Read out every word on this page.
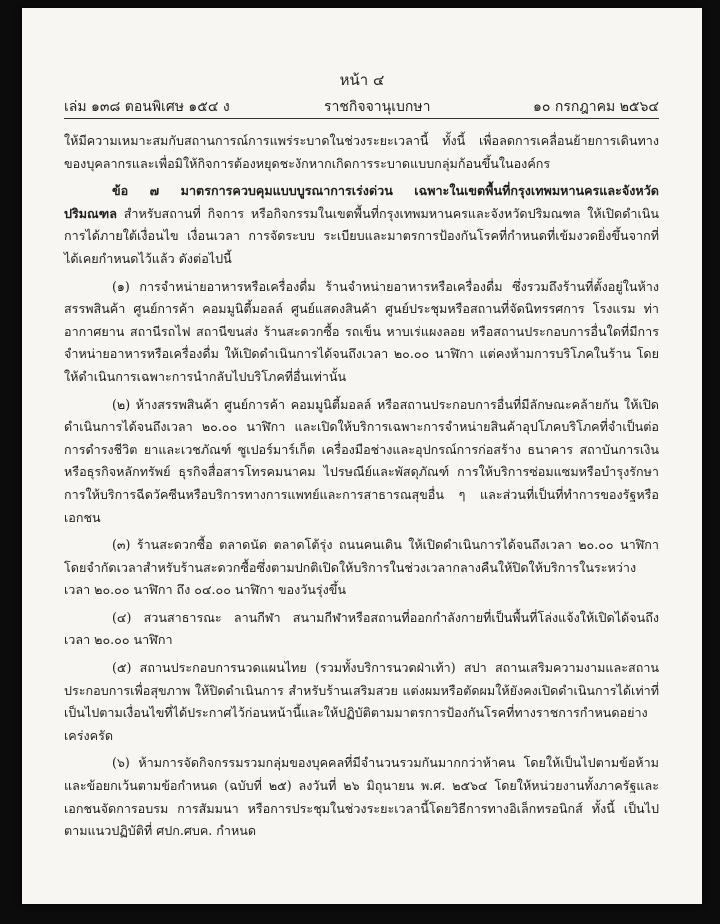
หน้า ๔
เล่ม ๑๓๘ ตอนพิเศษ ๑๕๔ ง	ราชกิจจานุเบกษา	๑๐ กรกฎาคม ๒๕๖๔

ให้มีความเหมาะสมกับสถานการณ์การแพร่ระบาดในช่วงระยะเวลานี้ ทั้งนี้ เพื่อลดการเคลื่อนย้ายการเดินทางของบุคลากรและเพื่อมิให้กิจการต้องหยุดชะงักหากเกิดการระบาดแบบกลุ่มก้อนขึ้นในองค์กร

ข้อ ๗ มาตรการควบคุมแบบบูรณาการเร่งด่วน เฉพาะในเขตพื้นที่กรุงเทพมหานครและจังหวัดปริมณฑล สำหรับสถานที่ กิจการ หรือกิจกรรมในเขตพื้นที่กรุงเทพมหานครและจังหวัดปริมณฑล ให้เปิดดำเนินการได้ภายใต้เงื่อนไข เงื่อนเวลา การจัดระบบ ระเบียบและมาตรการป้องกันโรคที่กำหนดที่เข้มงวดยิ่งขึ้นจากที่ได้เคยกำหนดไว้แล้ว ดังต่อไปนี้

(๑) การจำหน่ายอาหารหรือเครื่องดื่ม ร้านจำหน่ายอาหารหรือเครื่องดื่ม ซึ่งรวมถึงร้านที่ตั้งอยู่ในห้างสรรพสินค้า ศูนย์การค้า คอมมูนิตี้มอลล์ ศูนย์แสดงสินค้า ศูนย์ประชุมหรือสถานที่จัดนิทรรศการ โรงแรม ท่าอากาศยาน สถานีรถไฟ สถานีขนส่ง ร้านสะดวกซื้อ รถเข็น หาบเร่แผงลอย หรือสถานประกอบการอื่นใดที่มีการจำหน่ายอาหารหรือเครื่องดื่ม ให้เปิดดำเนินการได้จนถึงเวลา ๒๐.๐๐ นาฬิกา แต่คงห้ามการบริโภคในร้าน โดยให้ดำเนินการเฉพาะการนำกลับไปบริโภคที่อื่นเท่านั้น

(๒) ห้างสรรพสินค้า ศูนย์การค้า คอมมูนิตี้มอลล์ หรือสถานประกอบการอื่นที่มีลักษณะคล้ายกัน ให้เปิดดำเนินการได้จนถึงเวลา ๒๐.๐๐ นาฬิกา และเปิดให้บริการเฉพาะการจำหน่ายสินค้าอุปโภคบริโภคที่จำเป็นต่อการดำรงชีวิต ยาและเวชภัณฑ์ ซูเปอร์มาร์เก็ต เครื่องมือช่างและอุปกรณ์การก่อสร้าง ธนาคาร สถาบันการเงินหรือธุรกิจหลักทรัพย์ ธุรกิจสื่อสารโทรคมนาคม ไปรษณีย์และพัสดุภัณฑ์ การให้บริการซ่อมแซมหรือบำรุงรักษา การให้บริการฉีดวัคซีนหรือบริการทางการแพทย์และการสาธารณสุขอื่น ๆ และส่วนที่เป็นที่ทำการของรัฐหรือเอกชน

(๓) ร้านสะดวกซื้อ ตลาดนัด ตลาดโต้รุ่ง ถนนคนเดิน ให้เปิดดำเนินการได้จนถึงเวลา ๒๐.๐๐ นาฬิกา โดยจำกัดเวลาสำหรับร้านสะดวกซื้อซึ่งตามปกติเปิดให้บริการในช่วงเวลากลางคืนให้ปิดให้บริการในระหว่างเวลา ๒๐.๐๐ นาฬิกา ถึง ๐๔.๐๐ นาฬิกา ของวันรุ่งขึ้น

(๔) สวนสาธารณะ ลานกีฬา สนามกีฬาหรือสถานที่ออกกำลังกายที่เป็นพื้นที่โล่งแจ้งให้เปิดได้จนถึงเวลา ๒๐.๐๐ นาฬิกา

(๕) สถานประกอบการนวดแผนไทย (รวมทั้งบริการนวดฝ่าเท้า) สปา สถานเสริมความงามและสถานประกอบการเพื่อสุขภาพ ให้ปิดดำเนินการ สำหรับร้านเสริมสวย แต่งผมหรือตัดผมให้ยังคงเปิดดำเนินการได้เท่าที่เป็นไปตามเงื่อนไขที่ได้ประกาศไว้ก่อนหน้านี้และให้ปฏิบัติตามมาตรการป้องกันโรคที่ทางราชการกำหนดอย่างเคร่งครัด

(๖) ห้ามการจัดกิจกรรมรวมกลุ่มของบุคคลที่มีจำนวนรวมกันมากกว่าห้าคน โดยให้เป็นไปตามข้อห้ามและข้อยกเว้นตามข้อกำหนด (ฉบับที่ ๒๕) ลงวันที่ ๒๖ มิถุนายน พ.ศ. ๒๕๖๔ โดยให้หน่วยงานทั้งภาครัฐและเอกชนจัดการอบรม การสัมมนา หรือการประชุมในช่วงระยะเวลานี้โดยวิธีการทางอิเล็กทรอนิกส์ ทั้งนี้ เป็นไปตามแนวปฏิบัติที่ ศปก.ศบค. กำหนด
